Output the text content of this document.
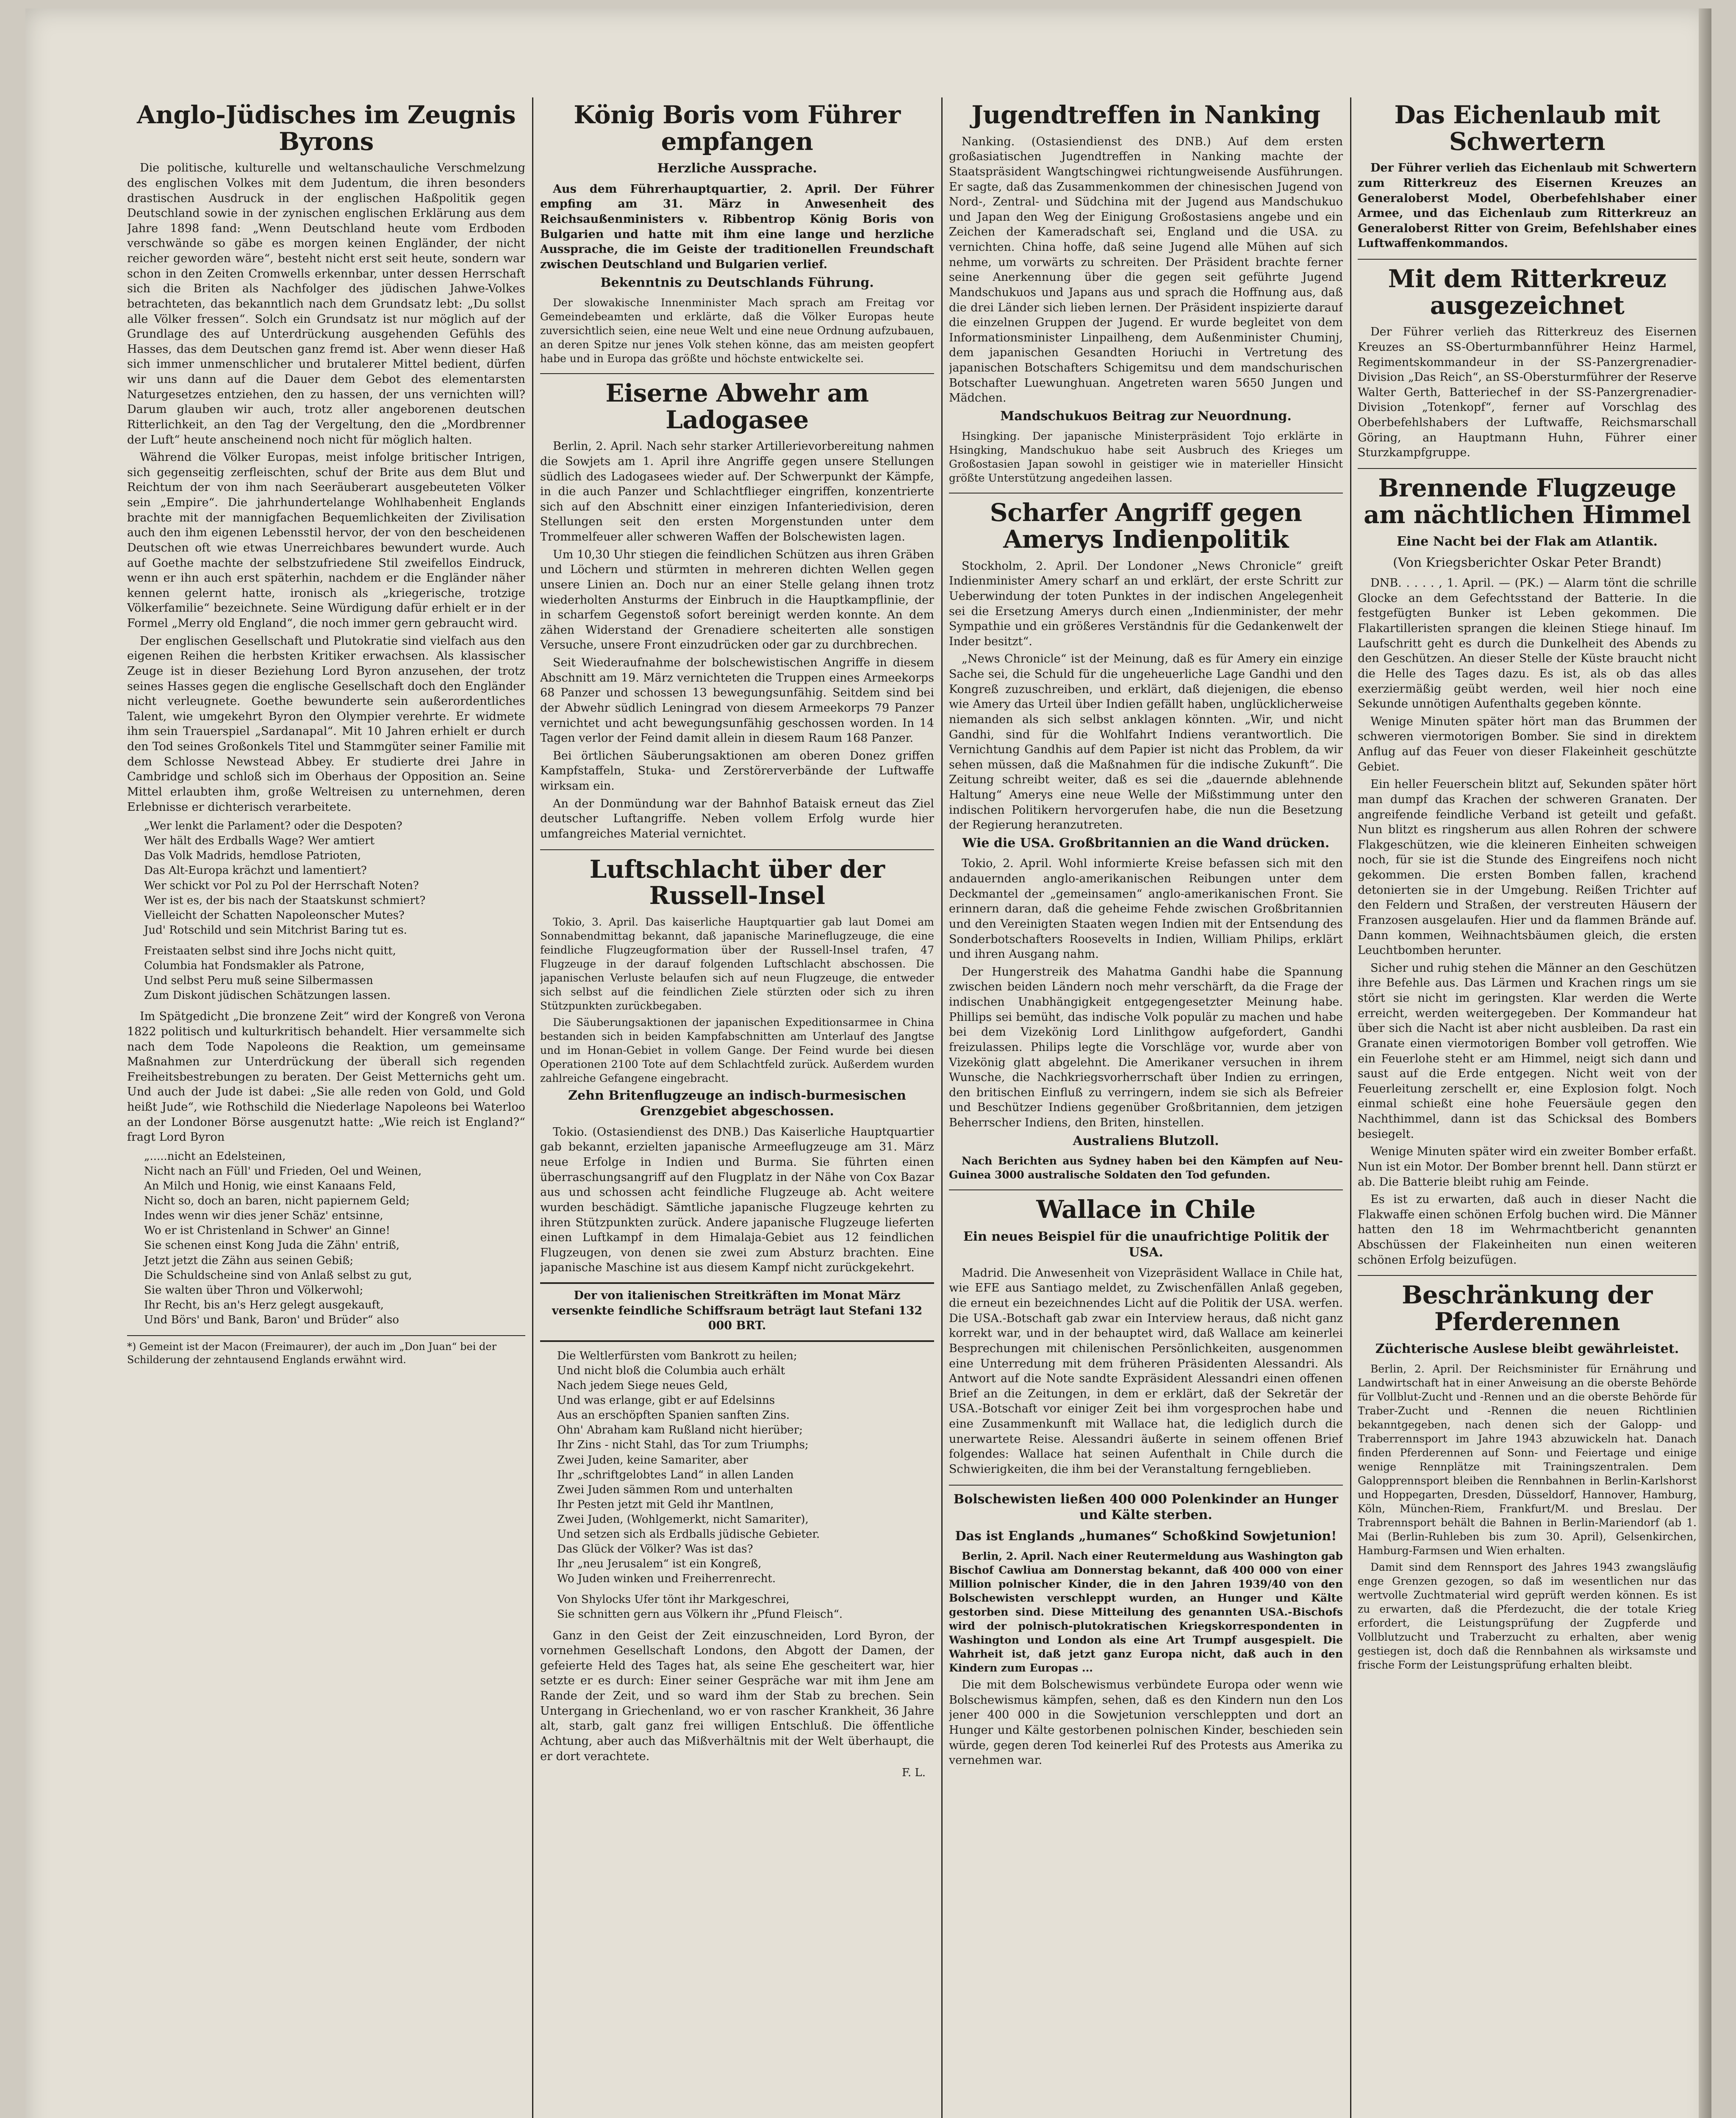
Anglo-Jüdisches im Zeugnis Byrons

Die politische, kulturelle und weltanschauliche Verschmelzung des englischen Volkes mit dem Judentum, die ihren besonders drastischen Ausdruck in der englischen Haßpolitik gegen Deutschland sowie in der zynischen englischen Erklärung aus dem Jahre 1898 fand: „Wenn Deutschland heute vom Erdboden verschwände so gäbe es morgen keinen Engländer, der nicht reicher geworden wäre“, besteht nicht erst seit heute, sondern war schon in den Zeiten Cromwells erkennbar, unter dessen Herrschaft sich die Briten als Nachfolger des jüdischen Jahwe-Volkes betrachteten, das bekanntlich nach dem Grundsatz lebt: „Du sollst alle Völker fressen“. Solch ein Grundsatz ist nur möglich auf der Grundlage des auf Unterdrückung ausgehenden Gefühls des Hasses, das dem Deutschen ganz fremd ist. Aber wenn dieser Haß sich immer unmenschlicher und brutalerer Mittel bedient, dürfen wir uns dann auf die Dauer dem Gebot des elementarsten Naturgesetzes entziehen, den zu hassen, der uns vernichten will? Darum glauben wir auch, trotz aller angeborenen deutschen Ritterlichkeit, an den Tag der Vergeltung, den die „Mordbrenner der Luft“ heute anscheinend noch nicht für möglich halten.

Während die Völker Europas, meist infolge britischer Intrigen, sich gegenseitig zerfleischten, schuf der Brite aus dem Blut und Reichtum der von ihm nach Seeräuberart ausgebeuteten Völker sein „Empire“. Die jahrhundertelange Wohlhabenheit Englands brachte mit der mannigfachen Bequemlichkeiten der Zivilisation auch den ihm eigenen Lebensstil hervor, der von den bescheidenen Deutschen oft wie etwas Unerreichbares bewundert wurde. Auch auf Goethe machte der selbstzufriedene Stil zweifellos Eindruck, wenn er ihn auch erst späterhin, nachdem er die Engländer näher kennen gelernt hatte, ironisch als „kriegerische, trotzige Völkerfamilie“ bezeichnete. Seine Würdigung dafür erhielt er in der Formel „Merry old England“, die noch immer gern gebraucht wird.

Der englischen Gesellschaft und Plutokratie sind vielfach aus den eigenen Reihen die herbsten Kritiker erwachsen. Als klassischer Zeuge ist in dieser Beziehung Lord Byron anzusehen, der trotz seines Hasses gegen die englische Gesellschaft doch den Engländer nicht verleugnete. Goethe bewunderte sein außerordentliches Talent, wie umgekehrt Byron den Olympier verehrte. Er widmete ihm sein Trauerspiel „Sardanapal“. Mit 10 Jahren erhielt er durch den Tod seines Großonkels Titel und Stammgüter seiner Familie mit dem Schlosse Newstead Abbey. Er studierte drei Jahre in Cambridge und schloß sich im Oberhaus der Opposition an. Seine Mittel erlaubten ihm, große Weltreisen zu unternehmen, deren Erlebnisse er dichterisch verarbeitete.

„Wer lenkt die Parlament? oder die Despoten?
Wer hält des Erdballs Wage? Wer amtiert
Das Volk Madrids, hemdlose Patrioten,
Das Alt-Europa krächzt und lamentiert?
Wer schickt vor Pol zu Pol der Herrschaft Noten?
Wer ist es, der bis nach der Staatskunst schmiert?
Vielleicht der Schatten Napoleonscher Mutes?
Jud' Rotschild und sein Mitchrist Baring tut es.
Freistaaten selbst sind ihre Jochs nicht quitt,
Columbia hat Fondsmakler als Patrone,
Und selbst Peru muß seine Silbermassen
Zum Diskont jüdischen Schätzungen lassen.

Im Spätgedicht „Die bronzene Zeit“ wird der Kongreß von Verona 1822 politisch und kulturkritisch behandelt. Hier versammelte sich nach dem Tode Napoleons die Reaktion, um gemeinsame Maßnahmen zur Unterdrückung der überall sich regenden Freiheitsbestrebungen zu beraten. Der Geist Metternichs geht um. Und auch der Jude ist dabei: „Sie alle reden von Gold, und Gold heißt Jude“, wie Rothschild die Niederlage Napoleons bei Waterloo an der Londoner Börse ausgenutzt hatte: „Wie reich ist England?“ fragt Lord Byron

„.....nicht an Edelsteinen,
Nicht nach an Füll' und Frieden, Oel und Weinen,
An Milch und Honig, wie einst Kanaans Feld,
Nicht so, doch an baren, nicht papiernem Geld;
Indes wenn wir dies jener Schäz' entsinne,
Wo er ist Christenland in Schwer' an Ginne!
Sie schenen einst Kong Juda die Zähn' entriß,
Jetzt jetzt die Zähn aus seinen Gebiß;
Die Schuldscheine sind von Anlaß selbst zu gut,
Sie walten über Thron und Völkerwohl;
Ihr Recht, bis an's Herz gelegt ausgekauft,
Und Börs' und Bank, Baron' und Brüder“ also
*) Gemeint ist der Macon (Freimaurer), der auch im „Don Juan“ bei der Schilderung der zehntausend Englands erwähnt wird.
König Boris vom Führer empfangen
Herzliche Aussprache.

Aus dem Führerhauptquartier, 2. April. Der Führer empfing am 31. März in Anwesenheit des Reichsaußenministers v. Ribbentrop König Boris von Bulgarien und hatte mit ihm eine lange und herzliche Aussprache, die im Geiste der traditionellen Freundschaft zwischen Deutschland und Bulgarien verlief.

Bekenntnis zu Deutschlands Führung.

Der slowakische Innenminister Mach sprach am Freitag vor Gemeindebeamten und erklärte, daß die Völker Europas heute zuversichtlich seien, eine neue Welt und eine neue Ordnung aufzubauen, an deren Spitze nur jenes Volk stehen könne, das am meisten geopfert habe und in Europa das größte und höchste entwickelte sei.

Eiserne Abwehr am Ladogasee

Berlin, 2. April. Nach sehr starker Artillerievorbereitung nahmen die Sowjets am 1. April ihre Angriffe gegen unsere Stellungen südlich des Ladogasees wieder auf. Der Schwerpunkt der Kämpfe, in die auch Panzer und Schlachtflieger eingriffen, konzentrierte sich auf den Abschnitt einer einzigen Infanteriedivision, deren Stellungen seit den ersten Morgenstunden unter dem Trommelfeuer aller schweren Waffen der Bolschewisten lagen.

Um 10,30 Uhr stiegen die feindlichen Schützen aus ihren Gräben und Löchern und stürmten in mehreren dichten Wellen gegen unsere Linien an. Doch nur an einer Stelle gelang ihnen trotz wiederholten Ansturms der Einbruch in die Hauptkampflinie, der in scharfem Gegenstoß sofort bereinigt werden konnte. An dem zähen Widerstand der Grenadiere scheiterten alle sonstigen Versuche, unsere Front einzudrücken oder gar zu durchbrechen.

Seit Wiederaufnahme der bolschewistischen Angriffe in diesem Abschnitt am 19. März vernichteten die Truppen eines Armeekorps 68 Panzer und schossen 13 bewegungsunfähig. Seitdem sind bei der Abwehr südlich Leningrad von diesem Armeekorps 79 Panzer vernichtet und acht bewegungsunfähig geschossen worden. In 14 Tagen verlor der Feind damit allein in diesem Raum 168 Panzer.

Bei örtlichen Säuberungsaktionen am oberen Donez griffen Kampfstaffeln, Stuka- und Zerstörerverbände der Luftwaffe wirksam ein.

An der Donmündung war der Bahnhof Bataisk erneut das Ziel deutscher Luftangriffe. Neben vollem Erfolg wurde hier umfangreiches Material vernichtet.

Luftschlacht über der Russell-Insel

Tokio, 3. April. Das kaiserliche Hauptquartier gab laut Domei am Sonnabendmittag bekannt, daß japanische Marineflugzeuge, die eine feindliche Flugzeugformation über der Russell-Insel trafen, 47 Flugzeuge in der darauf folgenden Luftschlacht abschossen. Die japanischen Verluste belaufen sich auf neun Flugzeuge, die entweder sich selbst auf die feindlichen Ziele stürzten oder sich zu ihren Stützpunkten zurückbegaben.

Die Säuberungsaktionen der japanischen Expeditionsarmee in China bestanden sich in beiden Kampfabschnitten am Unterlauf des Jangtse und im Honan-Gebiet in vollem Gange. Der Feind wurde bei diesen Operationen 2100 Tote auf dem Schlachtfeld zurück. Außerdem wurden zahlreiche Gefangene eingebracht.

Zehn Britenflugzeuge an indisch-burmesischen Grenzgebiet abgeschossen.

Tokio. (Ostasiendienst des DNB.) Das Kaiserliche Hauptquartier gab bekannt, erzielten japanische Armeeflugzeuge am 31. März neue Erfolge in Indien und Burma. Sie führten einen überraschungsangriff auf den Flugplatz in der Nähe von Cox Bazar aus und schossen acht feindliche Flugzeuge ab. Acht weitere wurden beschädigt. Sämtliche japanische Flugzeuge kehrten zu ihren Stützpunkten zurück. Andere japanische Flugzeuge lieferten einen Luftkampf in dem Himalaja-Gebiet aus 12 feindlichen Flugzeugen, von denen sie zwei zum Absturz brachten. Eine japanische Maschine ist aus diesem Kampf nicht zurückgekehrt.

Der von italienischen Streitkräften im Monat März versenkte feindliche Schiffsraum beträgt laut Stefani 132 000 BRT.

Die Weltlerfürsten vom Bankrott zu heilen;
Und nicht bloß die Columbia auch erhält
Nach jedem Siege neues Geld,
Und was erlange, gibt er auf Edelsinns
Aus an erschöpften Spanien sanften Zins.
Ohn' Abraham kam Rußland nicht hierüber;
Ihr Zins - nicht Stahl, das Tor zum Triumphs;
Zwei Juden, keine Samariter, aber
Ihr „schriftgelobtes Land“ in allen Landen
Zwei Juden sämmen Rom und unterhalten
Ihr Pesten jetzt mit Geld ihr Mantlnen,
Zwei Juden, (Wohlgemerkt, nicht Samariter),
Und setzen sich als Erdballs jüdische Gebieter.
Das Glück der Völker? Was ist das?
Ihr „neu Jerusalem“ ist ein Kongreß,
Wo Juden winken und Freiherrenrecht.
Von Shylocks Ufer tönt ihr Markgeschrei,
Sie schnitten gern aus Völkern ihr „Pfund Fleisch“.

Ganz in den Geist der Zeit einzuschneiden, Lord Byron, der vornehmen Gesellschaft Londons, den Abgott der Damen, der gefeierte Held des Tages hat, als seine Ehe gescheitert war, hier setzte er es durch: Einer seiner Gespräche war mit ihm Jene am Rande der Zeit, und so ward ihm der Stab zu brechen. Sein Untergang in Griechenland, wo er von rascher Krankheit, 36 Jahre alt, starb, galt ganz frei willigen Entschluß. Die öffentliche Achtung, aber auch das Mißverhältnis mit der Welt überhaupt, die er dort verachtete.

F. L.
Jugendtreffen in Nanking

Nanking. (Ostasiendienst des DNB.) Auf dem ersten großasiatischen Jugendtreffen in Nanking machte der Staatspräsident Wangtschingwei richtungweisende Ausführungen. Er sagte, daß das Zusammenkommen der chinesischen Jugend von Nord-, Zentral- und Südchina mit der Jugend aus Mandschukuo und Japan den Weg der Einigung Großostasiens angebe und ein Zeichen der Kameradschaft sei, England und die USA. zu vernichten. China hoffe, daß seine Jugend alle Mühen auf sich nehme, um vorwärts zu schreiten. Der Präsident brachte ferner seine Anerkennung über die gegen seit geführte Jugend Mandschukuos und Japans aus und sprach die Hoffnung aus, daß die drei Länder sich lieben lernen. Der Präsident inspizierte darauf die einzelnen Gruppen der Jugend. Er wurde begleitet von dem Informationsminister Linpailheng, dem Außenminister Chuminj, dem japanischen Gesandten Horiuchi in Vertretung des japanischen Botschafters Schigemitsu und dem mandschurischen Botschafter Luewunghuan. Angetreten waren 5650 Jungen und Mädchen.

Mandschukuos Beitrag zur Neuordnung.

Hsingking. Der japanische Ministerpräsident Tojo erklärte in Hsingking, Mandschukuo habe seit Ausbruch des Krieges um Großostasien Japan sowohl in geistiger wie in materieller Hinsicht größte Unterstützung angedeihen lassen.

Scharfer Angriff gegen Amerys Indienpolitik

Stockholm, 2. April. Der Londoner „News Chronicle“ greift Indienminister Amery scharf an und erklärt, der erste Schritt zur Ueberwindung der toten Punktes in der indischen Angelegenheit sei die Ersetzung Amerys durch einen „Indienminister, der mehr Sympathie und ein größeres Verständnis für die Gedankenwelt der Inder besitzt“.

„News Chronicle“ ist der Meinung, daß es für Amery ein einzige Sache sei, die Schuld für die ungeheuerliche Lage Gandhi und den Kongreß zuzuschreiben, und erklärt, daß diejenigen, die ebenso wie Amery das Urteil über Indien gefällt haben, unglücklicherweise niemanden als sich selbst anklagen könnten. „Wir, und nicht Gandhi, sind für die Wohlfahrt Indiens verantwortlich. Die Vernichtung Gandhis auf dem Papier ist nicht das Problem, da wir sehen müssen, daß die Maßnahmen für die indische Zukunft“. Die Zeitung schreibt weiter, daß es sei die „dauernde ablehnende Haltung“ Amerys eine neue Welle der Mißstimmung unter den indischen Politikern hervorgerufen habe, die nun die Besetzung der Regierung heranzutreten.

Wie die USA. Großbritannien an die Wand drücken.

Tokio, 2. April. Wohl informierte Kreise befassen sich mit den andauernden anglo-amerikanischen Reibungen unter dem Deckmantel der „gemeinsamen“ anglo-amerikanischen Front. Sie erinnern daran, daß die geheime Fehde zwischen Großbritannien und den Vereinigten Staaten wegen Indien mit der Entsendung des Sonderbotschafters Roosevelts in Indien, William Philips, erklärt und ihren Ausgang nahm.

Der Hungerstreik des Mahatma Gandhi habe die Spannung zwischen beiden Ländern noch mehr verschärft, da die Frage der indischen Unabhängigkeit entgegengesetzter Meinung habe. Phillips sei bemüht, das indische Volk populär zu machen und habe bei dem Vizekönig Lord Linlithgow aufgefordert, Gandhi freizulassen. Philips legte die Vorschläge vor, wurde aber von Vizekönig glatt abgelehnt. Die Amerikaner versuchen in ihrem Wunsche, die Nachkriegsvorherrschaft über Indien zu erringen, den britischen Einfluß zu verringern, indem sie sich als Befreier und Beschützer Indiens gegenüber Großbritannien, dem jetzigen Beherrscher Indiens, den Briten, hinstellen.

Australiens Blutzoll.

Nach Berichten aus Sydney haben bei den Kämpfen auf Neu-Guinea 3000 australische Soldaten den Tod gefunden.

Wallace in Chile
Ein neues Beispiel für die unaufrichtige Politik der USA.

Madrid. Die Anwesenheit von Vizepräsident Wallace in Chile hat, wie EFE aus Santiago meldet, zu Zwischenfällen Anlaß gegeben, die erneut ein bezeichnendes Licht auf die Politik der USA. werfen. Die USA.-Botschaft gab zwar ein Interview heraus, daß nicht ganz korrekt war, und in der behauptet wird, daß Wallace am keinerlei Besprechungen mit chilenischen Persönlichkeiten, ausgenommen eine Unterredung mit dem früheren Präsidenten Alessandri. Als Antwort auf die Note sandte Expräsident Alessandri einen offenen Brief an die Zeitungen, in dem er erklärt, daß der Sekretär der USA.-Botschaft vor einiger Zeit bei ihm vorgesprochen habe und eine Zusammenkunft mit Wallace hat, die lediglich durch die unerwartete Reise. Alessandri äußerte in seinem offenen Brief folgendes: Wallace hat seinen Aufenthalt in Chile durch die Schwierigkeiten, die ihm bei der Veranstaltung ferngeblieben.

Bolschewisten ließen 400 000 Polenkinder an Hunger und Kälte sterben.
Das ist Englands „humanes“ Schoßkind Sowjetunion!

Berlin, 2. April. Nach einer Reutermeldung aus Washington gab Bischof Cawliua am Donnerstag bekannt, daß 400 000 von einer Million polnischer Kinder, die in den Jahren 1939/40 von den Bolschewisten verschleppt wurden, an Hunger und Kälte gestorben sind. Diese Mitteilung des genannten USA.-Bischofs wird der polnisch-plutokratischen Kriegskorrespondenten in Washington und London als eine Art Trumpf ausgespielt. Die Wahrheit ist, daß jetzt ganz Europa nicht, daß auch in den Kindern zum Europas ...

Die mit dem Bolschewismus verbündete Europa oder wenn wie Bolschewismus kämpfen, sehen, daß es den Kindern nun den Los jener 400 000 in die Sowjetunion verschleppten und dort an Hunger und Kälte gestorbenen polnischen Kinder, beschieden sein würde, gegen deren Tod keinerlei Ruf des Protests aus Amerika zu vernehmen war.

Das Eichenlaub mit Schwertern

Der Führer verlieh das Eichenlaub mit Schwertern zum Ritterkreuz des Eisernen Kreuzes an Generaloberst Model, Oberbefehlshaber einer Armee, und das Eichenlaub zum Ritterkreuz an Generaloberst Ritter von Greim, Befehlshaber eines Luftwaffenkommandos.

Mit dem Ritterkreuz ausgezeichnet

Der Führer verlieh das Ritterkreuz des Eisernen Kreuzes an SS-Oberturmbannführer Heinz Harmel, Regimentskommandeur in der SS-Panzergrenadier-Division „Das Reich“, an SS-Obersturmführer der Reserve Walter Gerth, Batteriechef in der SS-Panzergrenadier-Division „Totenkopf“, ferner auf Vorschlag des Oberbefehlshabers der Luftwaffe, Reichsmarschall Göring, an Hauptmann Huhn, Führer einer Sturzkampfgruppe.

Brennende Flugzeuge am nächtlichen Himmel
Eine Nacht bei der Flak am Atlantik.
(Von Kriegsberichter Oskar Peter Brandt)

DNB. . . . . , 1. April. — (PK.) — Alarm tönt die schrille Glocke an dem Gefechtsstand der Batterie. In die festgefügten Bunker ist Leben gekommen. Die Flakartilleristen sprangen die kleinen Stiege hinauf. Im Laufschritt geht es durch die Dunkelheit des Abends zu den Geschützen. An dieser Stelle der Küste braucht nicht die Helle des Tages dazu. Es ist, als ob das alles exerziermäßig geübt werden, weil hier noch eine Sekunde unnötigen Aufenthalts gegeben könnte.

Wenige Minuten später hört man das Brummen der schweren viermotorigen Bomber. Sie sind in direktem Anflug auf das Feuer von dieser Flakeinheit geschützte Gebiet.

Ein heller Feuerschein blitzt auf, Sekunden später hört man dumpf das Krachen der schweren Granaten. Der angreifende feindliche Verband ist geteilt und gefaßt. Nun blitzt es ringsherum aus allen Rohren der schwere Flakgeschützen, wie die kleineren Einheiten schweigen noch, für sie ist die Stunde des Eingreifens noch nicht gekommen. Die ersten Bomben fallen, krachend detonierten sie in der Umgebung. Reißen Trichter auf den Feldern und Straßen, der verstreuten Häusern der Franzosen ausgelaufen. Hier und da flammen Brände auf. Dann kommen, Weihnachtsbäumen gleich, die ersten Leuchtbomben herunter.

Sicher und ruhig stehen die Männer an den Geschützen ihre Befehle aus. Das Lärmen und Krachen rings um sie stört sie nicht im geringsten. Klar werden die Werte erreicht, werden weitergegeben. Der Kommandeur hat über sich die Nacht ist aber nicht ausbleiben. Da rast ein Granate einen viermotorigen Bomber voll getroffen. Wie ein Feuerlohe steht er am Himmel, neigt sich dann und saust auf die Erde entgegen. Nicht weit von der Feuerleitung zerschellt er, eine Explosion folgt. Noch einmal schießt eine hohe Feuersäule gegen den Nachthimmel, dann ist das Schicksal des Bombers besiegelt.

Wenige Minuten später wird ein zweiter Bomber erfaßt. Nun ist ein Motor. Der Bomber brennt hell. Dann stürzt er ab. Die Batterie bleibt ruhig am Feinde.

Es ist zu erwarten, daß auch in dieser Nacht die Flakwaffe einen schönen Erfolg buchen wird. Die Männer hatten den 18 im Wehrmachtbericht genannten Abschüssen der Flakeinheiten nun einen weiteren schönen Erfolg beizufügen.

Beschränkung der Pferderennen
Züchterische Auslese bleibt gewährleistet.

Berlin, 2. April. Der Reichsminister für Ernährung und Landwirtschaft hat in einer Anweisung an die oberste Behörde für Vollblut-Zucht und -Rennen und an die oberste Behörde für Traber-Zucht und -Rennen die neuen Richtlinien bekanntgegeben, nach denen sich der Galopp- und Traberrennsport im Jahre 1943 abzuwickeln hat. Danach finden Pferderennen auf Sonn- und Feiertage und einige wenige Rennplätze mit Trainingszentralen. Dem Galopprennsport bleiben die Rennbahnen in Berlin-Karlshorst und Hoppegarten, Dresden, Düsseldorf, Hannover, Hamburg, Köln, München-Riem, Frankfurt/M. und Breslau. Der Trabrennsport behält die Bahnen in Berlin-Mariendorf (ab 1. Mai (Berlin-Ruhleben bis zum 30. April), Gelsenkirchen, Hamburg-Farmsen und Wien erhalten.

Damit sind dem Rennsport des Jahres 1943 zwangsläufig enge Grenzen gezogen, so daß im wesentlichen nur das wertvolle Zuchtmaterial wird geprüft werden können. Es ist zu erwarten, daß die Pferdezucht, die der totale Krieg erfordert, die Leistungsprüfung der Zugpferde und Vollblutzucht und Traberzucht zu erhalten, aber wenig gestiegen ist, doch daß die Rennbahnen als wirksamste und frische Form der Leistungsprüfung erhalten bleibt.
